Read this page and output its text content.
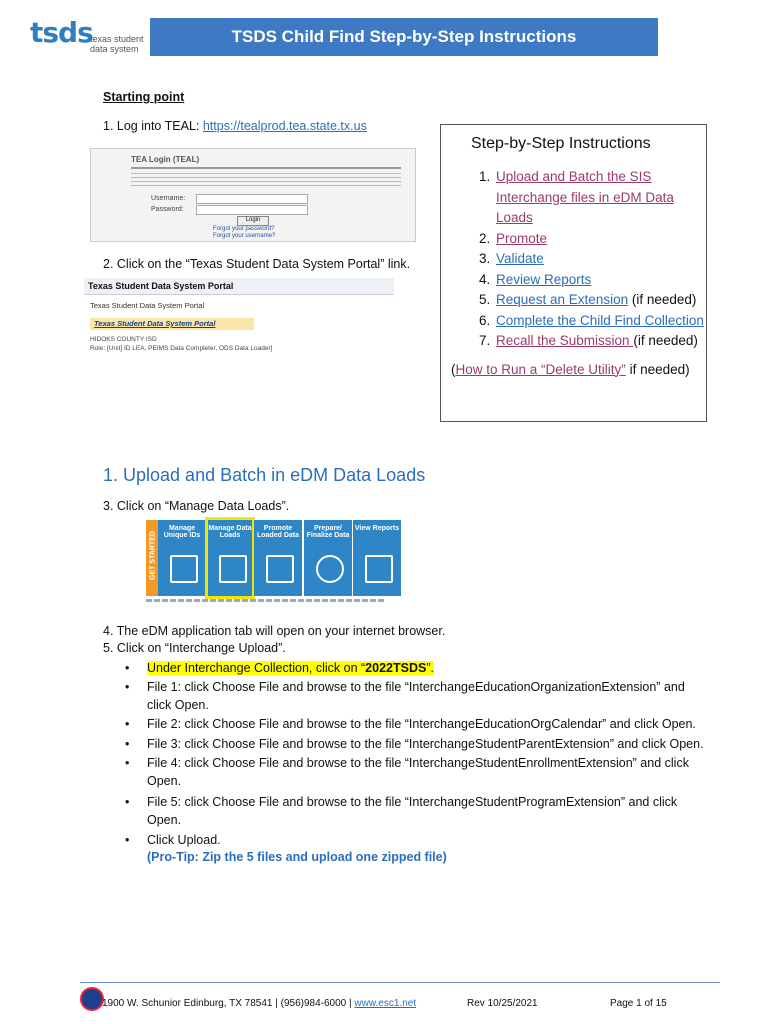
tsds
texas student
data system
TSDS Child Find Step-by-Step Instructions
Starting point
1. Log into TEAL: https://tealprod.tea.state.tx.us
TEA Login (TEAL)
Username:
Password:
Login
Forgot your password?
Forgot your username?
2. Click on the “Texas Student Data System Portal” link.
Texas Student Data System Portal
Texas Student Data System Portal
Texas Student Data System Portal
HIDOKS COUNTY ISD
Role: [Unit] ID LEA, PEIMS Data Completer, ODS Data Loader]
Step-by-Step Instructions
1. Upload and Batch the SIS Interchange files in eDM Data Loads
2. Promote
3. Validate
4. Review Reports
5. Request an Extension (if needed)
6. Complete the Child Find Collection
7. Recall the Submission (if needed)
(How to Run a “Delete Utility” if needed)
1. Upload and Batch in eDM Data Loads
3. Click on “Manage Data Loads”.
GET STARTED
Manage Unique IDs
Manage Data Loads
Promote Loaded Data
Prepare/ Finalize Data
View Reports
4. The eDM application tab will open on your internet browser.
5. Click on “Interchange Upload”.
• Under Interchange Collection, click on “2022TSDS”.
• File 1: click Choose File and browse to the file “InterchangeEducationOrganizationExtension” and click Open.
• File 2: click Choose File and browse to the file “InterchangeEducationOrgCalendar” and click Open.
• File 3: click Choose File and browse to the file “InterchangeStudentParentExtension” and click Open.
• File 4: click Choose File and browse to the file “InterchangeStudentEnrollmentExtension” and click Open.
• File 5: click Choose File and browse to the file “InterchangeStudentProgramExtension” and click Open.
• Click Upload.
(Pro-Tip: Zip the 5 files and upload one zipped file)
1900 W. Schunior Edinburg, TX 78541 | (956)984-6000 | www.esc1.net	Rev 10/25/2021	Page 1 of 15
